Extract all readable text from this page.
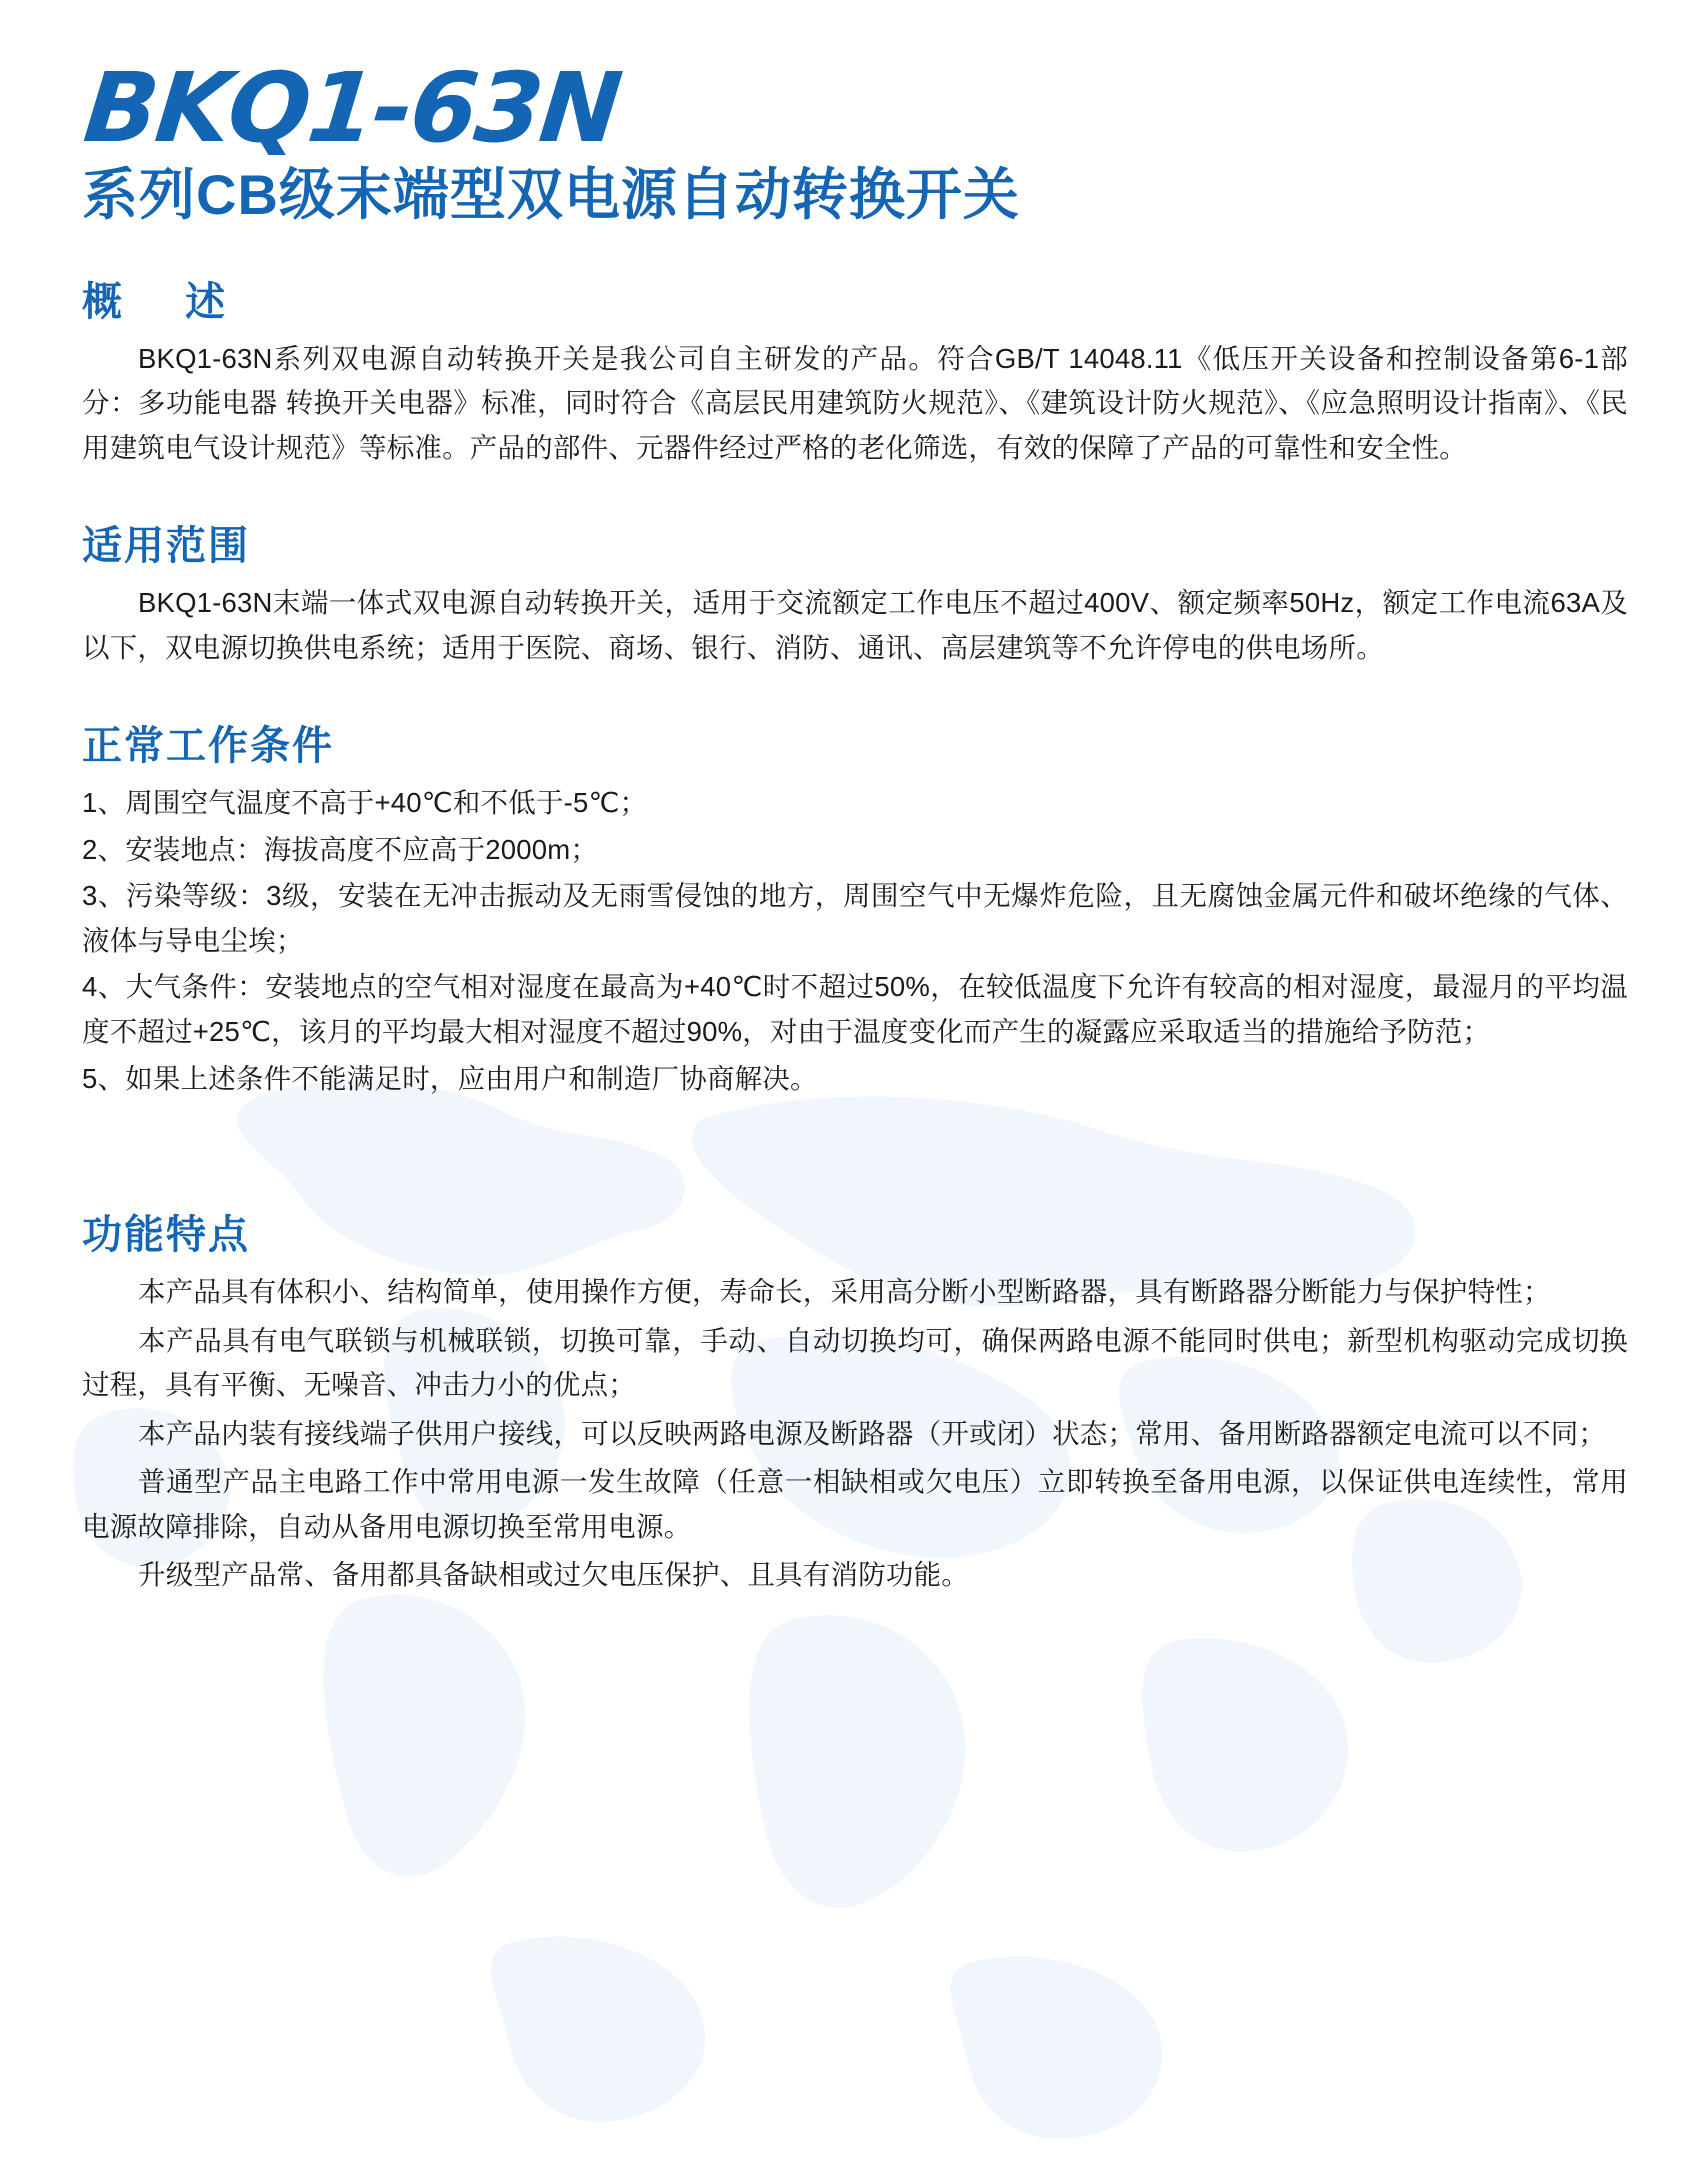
BKQ1-63N
系列CB级末端型双电源自动转换开关
概 述

BKQ1-63N系列双电源自动转换开关是我公司自主研发的产品。符合GB/T 14048.11《低压开关设备和控制设备第6-1部分：多功能电器 转换开关电器》标准，同时符合《高层民用建筑防火规范》、《建筑设计防火规范》、《应急照明设计指南》、《民用建筑电气设计规范》等标准。产品的部件、元器件经过严格的老化筛选，有效的保障了产品的可靠性和安全性。

适用范围

BKQ1-63N末端一体式双电源自动转换开关，适用于交流额定工作电压不超过400V、额定频率50Hz，额定工作电流63A及以下，双电源切换供电系统；适用于医院、商场、银行、消防、通讯、高层建筑等不允许停电的供电场所。

正常工作条件

1、周围空气温度不高于+40℃和不低于-5℃；

2、安装地点：海拔高度不应高于2000m；

3、污染等级：3级，安装在无冲击振动及无雨雪侵蚀的地方，周围空气中无爆炸危险，且无腐蚀金属元件和破坏绝缘的气体、液体与导电尘埃；

4、大气条件：安装地点的空气相对湿度在最高为+40℃时不超过50%，在较低温度下允许有较高的相对湿度，最湿月的平均温度不超过+25℃，该月的平均最大相对湿度不超过90%，对由于温度变化而产生的凝露应采取适当的措施给予防范；

5、如果上述条件不能满足时，应由用户和制造厂协商解决。

功能特点

本产品具有体积小、结构简单，使用操作方便，寿命长，采用高分断小型断路器，具有断路器分断能力与保护特性；

本产品具有电气联锁与机械联锁，切换可靠，手动、自动切换均可，确保两路电源不能同时供电；新型机构驱动完成切换过程，具有平衡、无噪音、冲击力小的优点；

本产品内装有接线端子供用户接线，可以反映两路电源及断路器（开或闭）状态；常用、备用断路器额定电流可以不同；

普通型产品主电路工作中常用电源一发生故障（任意一相缺相或欠电压）立即转换至备用电源，以保证供电连续性，常用电源故障排除，自动从备用电源切换至常用电源。

升级型产品常、备用都具备缺相或过欠电压保护、且具有消防功能。
